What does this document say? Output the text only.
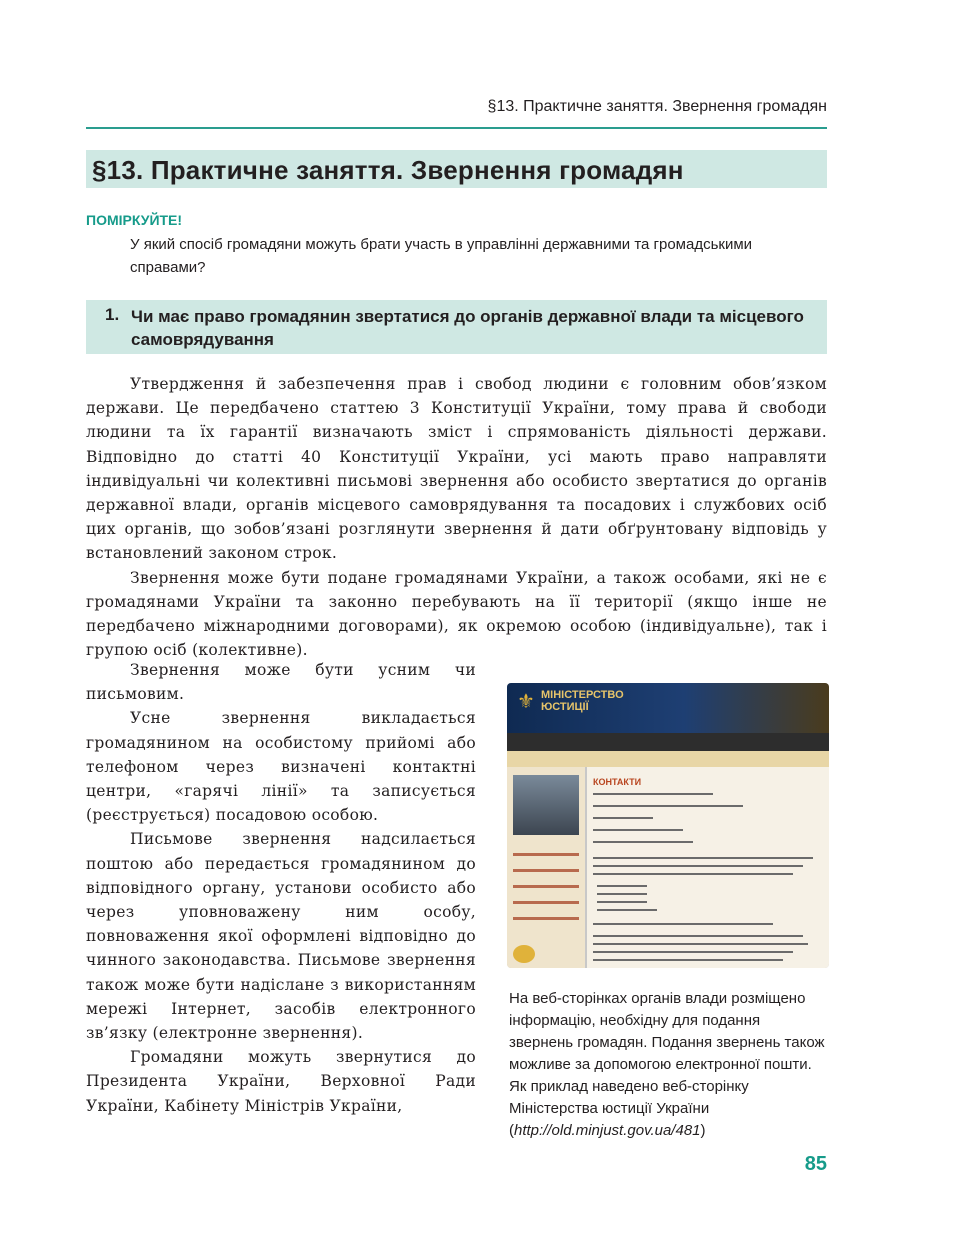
§13. Практичне заняття. Звернення громадян
§13. Практичне заняття. Звернення громадян
ПОМІРКУЙТЕ!

У який спосіб громадяни можуть брати участь в управлінні державними та громадськими справами?

1. Чи має право громадянин звертатися до органів державної влади та місцевого самоврядування

Утвердження й забезпечення прав і свобод людини є головним обов’язком держави. Це передбачено статтею 3 Конституції України, тому права й свободи людини та їх гарантії визначають зміст і спрямованість діяльності держави. Відповідно до статті 40 Конституції України, усі мають право направляти індивідуальні чи колективні письмові звернення або особисто звертатися до органів державної влади, органів місцевого самоврядування та посадових і службових осіб цих органів, що зобов’язані розглянути звернення й дати обґрунтовану відповідь у встановлений законом строк.

Звернення може бути подане громадянами України, а також особами, які не є громадянами України та законно перебувають на її території (якщо інше не передбачено міжнародними договорами), як окремою особою (індивідуальне), так і групою осіб (колективне).

Звернення може бути усним чи письмовим.

Усне звернення викладається громадянином на особистому прийомі або телефоном через визначені контактні центри, «гарячі лінії» та записується (реєструється) посадовою особою.

Письмове звернення надсилається поштою або передається громадянином до відповідного органу, установи особисто або через уповноважену ним особу, повноваження якої оформлені відповідно до чинного законодавства. Письмове звернення також може бути надіслане з використанням мережі Інтернет, засобів електронного зв’язку (електронне звернення).

Громадяни можуть звернутися до Президента України, Верховної Ради України, Кабінету Міністрів України,

⚜ МІНІСТЕРСТВО
ЮСТИЦІЇ
КОНТАКТИ

На веб-сторінках органів влади розміщено інформацію, необхідну для подання звернень громадян. Подання звернень також можливе за допомогою електронної пошти. Як приклад наведено веб-сторінку Міністерства юстиції України (http://old.minjust.gov.ua/481)

85
